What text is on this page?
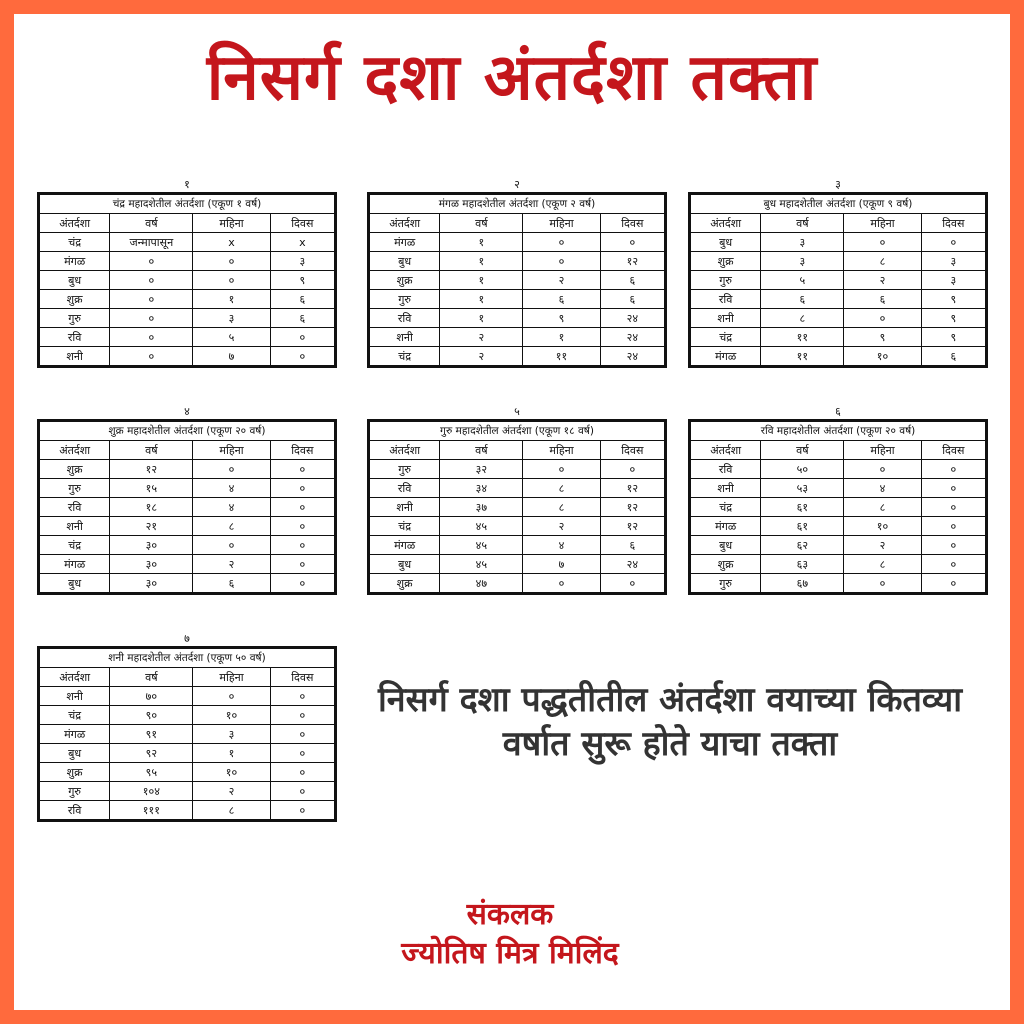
निसर्ग दशा अंतर्दशा तक्ता
१
चंद्र महादशेतील अंतर्दशा (एकूण १ वर्ष)			
अंतर्दशा	वर्ष	महिना	दिवस
चंद्र	जन्मापासून	x	x
मंगळ	०	०	३
बुध	०	०	९
शुक्र	०	१	६
गुरु	०	३	६
रवि	०	५	०
शनी	०	७	०
२
मंगळ महादशेतील अंतर्दशा (एकूण २ वर्ष)			
अंतर्दशा	वर्ष	महिना	दिवस
मंगळ	१	०	०
बुध	१	०	१२
शुक्र	१	२	६
गुरु	१	६	६
रवि	१	९	२४
शनी	२	१	२४
चंद्र	२	११	२४
३
बुध महादशेतील अंतर्दशा (एकूण ९ वर्ष)			
अंतर्दशा	वर्ष	महिना	दिवस
बुध	३	०	०
शुक्र	३	८	३
गुरु	५	२	३
रवि	६	६	९
शनी	८	०	९
चंद्र	११	९	९
मंगळ	११	१०	६
४
शुक्र महादशेतील अंतर्दशा (एकूण २० वर्ष)			
अंतर्दशा	वर्ष	महिना	दिवस
शुक्र	१२	०	०
गुरु	१५	४	०
रवि	१८	४	०
शनी	२१	८	०
चंद्र	३०	०	०
मंगळ	३०	२	०
बुध	३०	६	०
५
गुरु महादशेतील अंतर्दशा (एकूण १८ वर्ष)			
अंतर्दशा	वर्ष	महिना	दिवस
गुरु	३२	०	०
रवि	३४	८	१२
शनी	३७	८	१२
चंद्र	४५	२	१२
मंगळ	४५	४	६
बुध	४५	७	२४
शुक्र	४७	०	०
६
रवि महादशेतील अंतर्दशा (एकूण २० वर्ष)			
अंतर्दशा	वर्ष	महिना	दिवस
रवि	५०	०	०
शनी	५३	४	०
चंद्र	६१	८	०
मंगळ	६१	१०	०
बुध	६२	२	०
शुक्र	६३	८	०
गुरु	६७	०	०
७
शनी महादशेतील अंतर्दशा (एकूण ५० वर्ष)			
अंतर्दशा	वर्ष	महिना	दिवस
शनी	७०	०	०
चंद्र	९०	१०	०
मंगळ	९१	३	०
बुध	९२	१	०
शुक्र	९५	१०	०
गुरु	१०४	२	०
रवि	१११	८	०
निसर्ग दशा पद्धतीतील अंतर्दशा वयाच्या कितव्या वर्षात सुरू होते याचा तक्ता
संकलक
ज्योतिष मित्र मिलिंद
